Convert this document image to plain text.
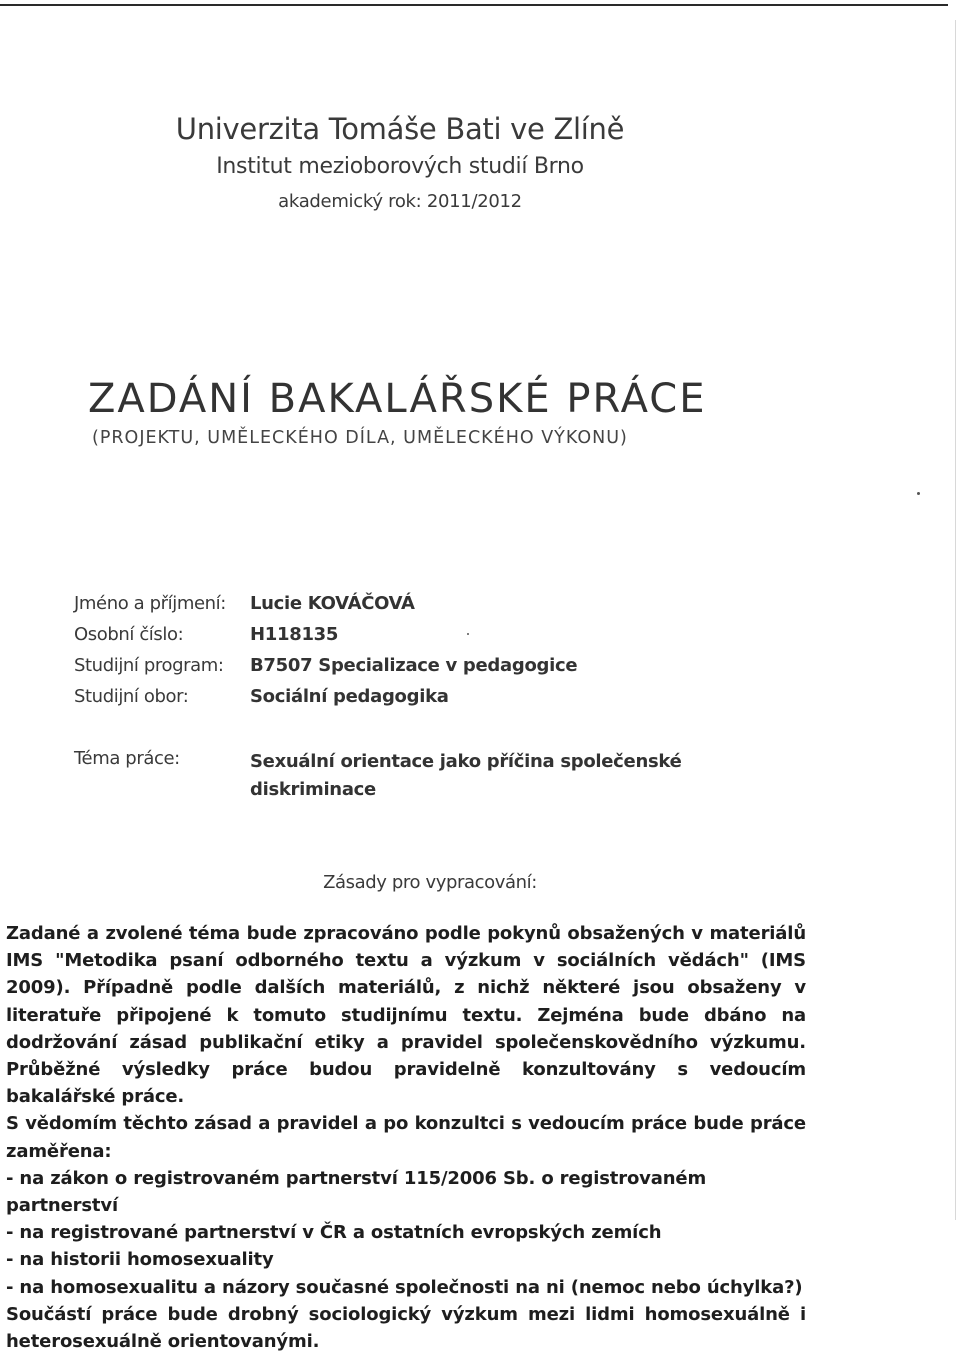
Univerzita Tomáše Bati ve Zlíně
Institut mezioborových studií Brno
akademický rok: 2011/2012
ZADÁNÍ BAKALÁŘSKÉ PRÁCE
(PROJEKTU, UMĚLECKÉHO DÍLA, UMĚLECKÉHO VÝKONU)
Jméno a příjmení:	Lucie KOVÁČOVÁ
Osobní číslo:	H118135
Studijní program:	B7507 Specializace v pedagogice
Studijní obor:	Sociální pedagogika
Téma práce:	Sexuální orientace jako příčina společenské diskriminace
Zásady pro vypracování:

Zadané a zvolené téma bude zpracováno podle pokynů obsažených v materiálů IMS "Metodika psaní odborného textu a výzkum v sociálních vědách" (IMS 2009). Případně podle dalších materiálů, z nichž některé jsou obsaženy v literatuře připojené k tomuto studijnímu textu. Zejména bude dbáno na dodržování zásad publikační etiky a pravidel společenskovědního výzkumu. Průběžné výsledky práce budou pravidelně konzultovány s vedoucím bakalářské práce.

S vědomím těchto zásad a pravidel a po konzultci s vedoucím práce bude práce zaměřena:

- na zákon o registrovaném partnerství 115/2006 Sb. o registrovaném partnerství

- na registrované partnerství v ČR a ostatních evropských zemích

- na historii homosexuality

- na homosexualitu a názory současné společnosti na ni (nemoc nebo úchylka?)

Součástí práce bude drobný sociologický výzkum mezi lidmi homosexuálně i heterosexuálně orientovanými.
